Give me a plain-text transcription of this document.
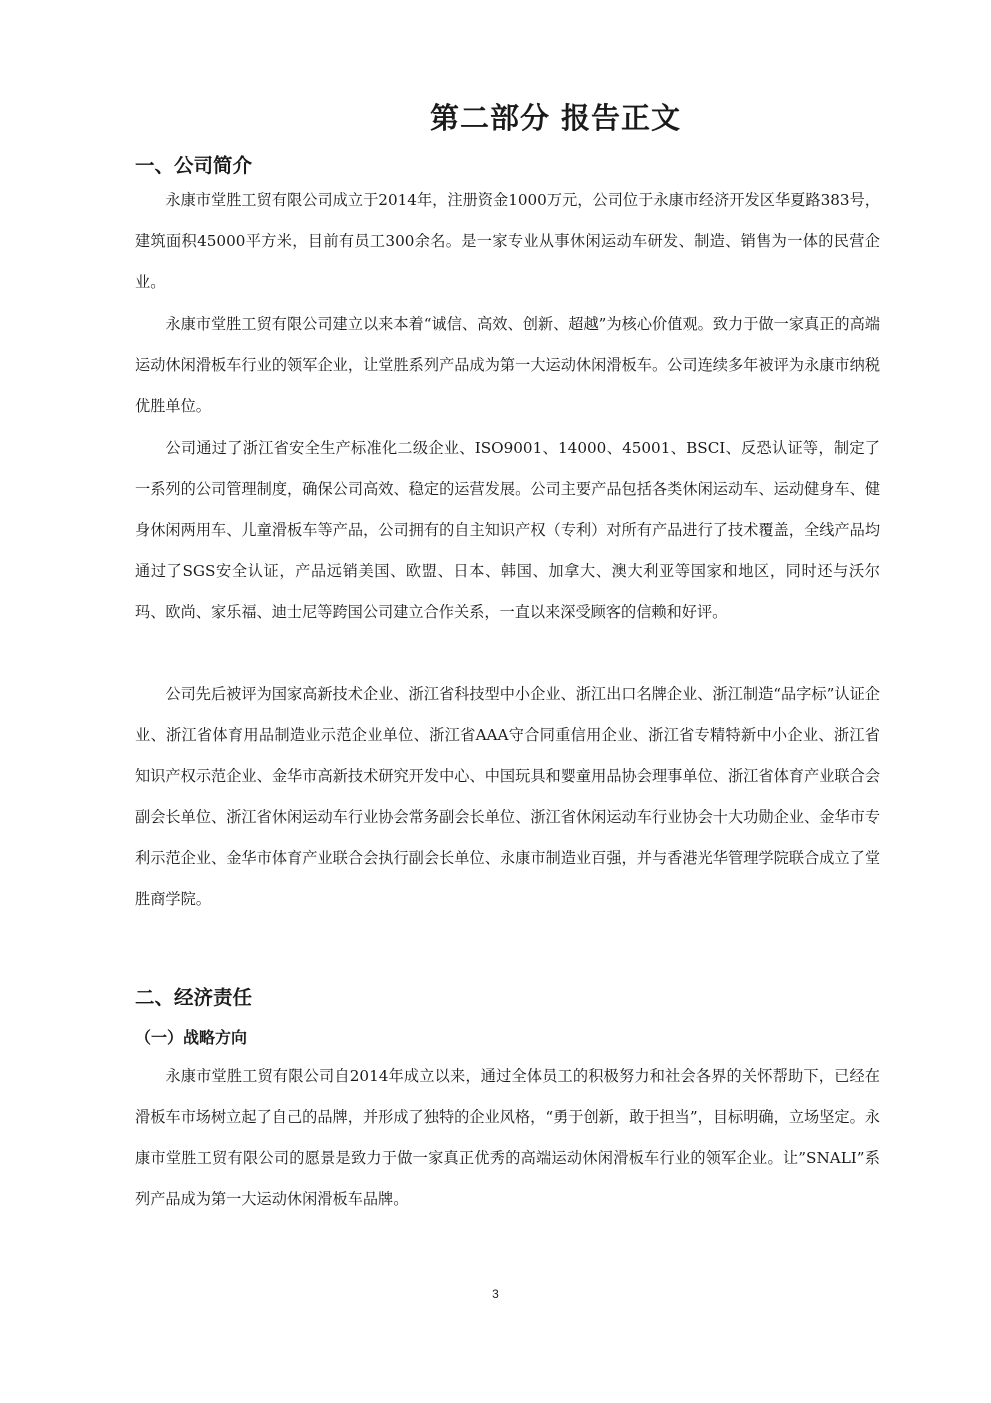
第二部分 报告正文
一、公司简介

永康市堂胜工贸有限公司成立于2014年，注册资金1000万元，公司位于永康市经济开发区华夏路383号，建筑面积45000平方米，目前有员工300余名。是一家专业从事休闲运动车研发、制造、销售为一体的民营企业。

永康市堂胜工贸有限公司建立以来本着“诚信、高效、创新、超越”为核心价值观。致力于做一家真正的高端运动休闲滑板车行业的领军企业，让堂胜系列产品成为第一大运动休闲滑板车。公司连续多年被评为永康市纳税优胜单位。

公司通过了浙江省安全生产标准化二级企业、ISO9001、14000、45001、BSCI、反恐认证等，制定了一系列的公司管理制度，确保公司高效、稳定的运营发展。公司主要产品包括各类休闲运动车、运动健身车、健身休闲两用车、儿童滑板车等产品，公司拥有的自主知识产权（专利）对所有产品进行了技术覆盖，全线产品均通过了SGS安全认证，产品远销美国、欧盟、日本、韩国、加拿大、澳大利亚等国家和地区，同时还与沃尔玛、欧尚、家乐福、迪士尼等跨国公司建立合作关系，一直以来深受顾客的信赖和好评。

公司先后被评为国家高新技术企业、浙江省科技型中小企业、浙江出口名牌企业、浙江制造“品字标”认证企业、浙江省体育用品制造业示范企业单位、浙江省AAA守合同重信用企业、浙江省专精特新中小企业、浙江省知识产权示范企业、金华市高新技术研究开发中心、中国玩具和婴童用品协会理事单位、浙江省体育产业联合会副会长单位、浙江省休闲运动车行业协会常务副会长单位、浙江省休闲运动车行业协会十大功勋企业、金华市专利示范企业、金华市体育产业联合会执行副会长单位、永康市制造业百强，并与香港光华管理学院联合成立了堂胜商学院。

二、经济责任
（一）战略方向

永康市堂胜工贸有限公司自2014年成立以来，通过全体员工的积极努力和社会各界的关怀帮助下，已经在滑板车市场树立起了自己的品牌，并形成了独特的企业风格，“勇于创新，敢于担当”，目标明确，立场坚定。永康市堂胜工贸有限公司的愿景是致力于做一家真正优秀的高端运动休闲滑板车行业的领军企业。让”SNALI”系列产品成为第一大运动休闲滑板车品牌。

3
